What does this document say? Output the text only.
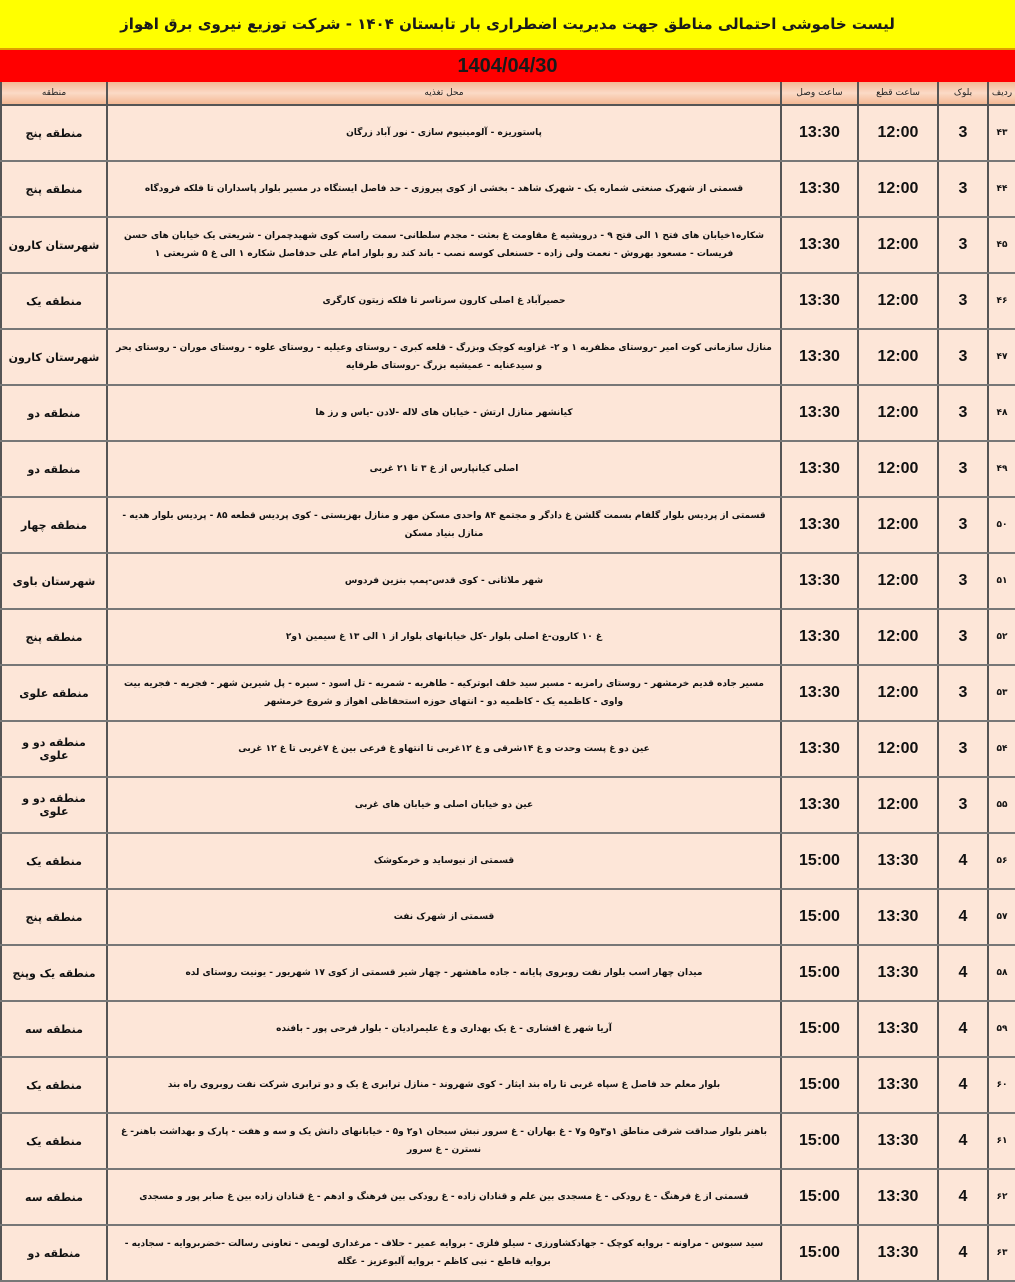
لیست خاموشی احتمالی مناطق جهت مدیریت اضطراری بار تابستان ۱۴۰۴ - شرکت توزیع نیروی برق اهواز
1404/04/30
ردیف	بلوک	ساعت قطع	ساعت وصل	محل تغذیه	منطقه
۴۳	3	12:00	13:30	پاستوریزه - آلومینیوم سازی - نور آباد زرگان	منطقه پنج
۴۴	3	12:00	13:30	قسمتی از شهرک صنعتی شماره یک - شهرک شاهد - بخشی از کوی پیروزی - حد فاصل ایستگاه در مسیر بلوار پاسداران تا فلکه فرودگاه	منطقه پنج
۴۵	3	12:00	13:30	شکاره۱خیابان های فتح ۱ الی فتح ۹ - درویشیه غ مقاومت غ بعثت - مجدم سلطانی- سمت راست کوی شهیدچمران - شریعتی یک خیابان های حسن فریسات - مسعود بهروش - نعمت ولی زاده - حسنعلی کوسه نصب - باند کند رو بلوار امام علی حدفاصل شکاره ۱ الی غ ۵ شریعتی ۱	شهرستان کارون
۴۶	3	12:00	13:30	حصیرآباد غ اصلی کارون سرتاسر تا فلکه زیتون کارگری	منطقه یک
۴۷	3	12:00	13:30	منازل سازمانی کوت امیر -روستای مظفریه ۱ و ۲- غزاویه کوچک وبزرگ - قلعه کبری - روستای وعیلیه - روستای علوه - روستای موران - روستای بحر و سیدعنایه - عمیشیه بزرگ -روستای طرفایه	شهرستان کارون
۴۸	3	12:00	13:30	کیانشهر منازل ارتش - خیابان های لاله -لادن -یاس و رز ها	منطقه دو
۴۹	3	12:00	13:30	اصلی کیانپارس از غ ۳ تا ۲۱ غربی	منطقه دو
۵۰	3	12:00	13:30	قسمتی از پردیس بلوار گلفام بسمت گلشن غ دادگر و مجتمع ۸۴ واحدی مسکن مهر و منازل بهزیستی - کوی پردیس قطعه ۸۵ - پردیس بلوار هدیه - منازل بنیاد مسکن	منطقه چهار
۵۱	3	12:00	13:30	شهر ملاثانی - کوی قدس-پمپ بنزین فردوس	شهرستان باوی
۵۲	3	12:00	13:30	غ ۱۰ کارون-غ اصلی بلوار -کل خیابانهای بلوار از ۱ الی ۱۳ غ سیمین ۱و۲	منطقه پنج
۵۳	3	12:00	13:30	مسیر جاده قدیم خرمشهر - روستای رامزیه - مسیر سید خلف ابوترکیه - طاهریه - شمریه - تل اسود - سیره - پل شیرین شهر - فجریه - فجریه بیت واوی - کاظمیه یک - کاظمیه دو - انتهای حوزه استحفاظی اهواز و شروع خرمشهر	منطقه علوی
۵۴	3	12:00	13:30	عین دو غ پست وحدت و غ ۱۴شرقی و غ ۱۲غربی تا انتهاو غ فرعی بین غ ۷غربی تا غ ۱۲ غربی	منطقه دو و علوی
۵۵	3	12:00	13:30	عین دو خیابان اصلی و خیابان های غربی	منطقه دو و علوی
۵۶	4	13:30	15:00	قسمتی از نیوساید و خرمکوشک	منطقه یک
۵۷	4	13:30	15:00	قسمتی از شهرک نفت	منطقه پنج
۵۸	4	13:30	15:00	میدان چهار اسب بلوار نفت روبروی پایانه - جاده ماهشهر - چهار شیر قسمتی از کوی ۱۷ شهریور - یونیت روستای لده	منطقه یک وپنج
۵۹	4	13:30	15:00	آریا شهر غ افشاری - غ یک بهداری و غ علیمرادیان - بلوار فرحی پور - بافنده	منطقه سه
۶۰	4	13:30	15:00	بلوار معلم حد فاصل غ سپاه غربی تا راه بند ایثار - کوی شهروند - منازل ترابری غ یک و دو ترابری شرکت نفت روبروی راه بند	منطقه یک
۶۱	4	13:30	15:00	باهنر بلوار صداقت شرقی مناطق ۱و۳و۵ و۷ - غ بهاران - غ سرور نبش سبحان ۱و۲ و۵ - خیابانهای دانش یک و سه و هفت - پارک و بهداشت باهنر- غ نسترن - غ سرور	منطقه یک
۶۲	4	13:30	15:00	قسمتی از غ فرهنگ - غ رودکی - غ مسجدی بین علم و قنادان زاده - غ رودکی بین فرهنگ و ادهم - غ قنادان زاده بین غ صابر پور و مسجدی	منطقه سه
۶۳	4	13:30	15:00	سید سبوس - مراونه - بروایه کوچک - جهادکشاورزی - سیلو فلزی - بروایه عمیر - حلاف - مرغداری لویمی - تعاونی رسالت -خضربروایه - سجادیه - بروایه قاطع - نبی کاظم - بروایه آلبوعزیز - عگله	منطقه دو
